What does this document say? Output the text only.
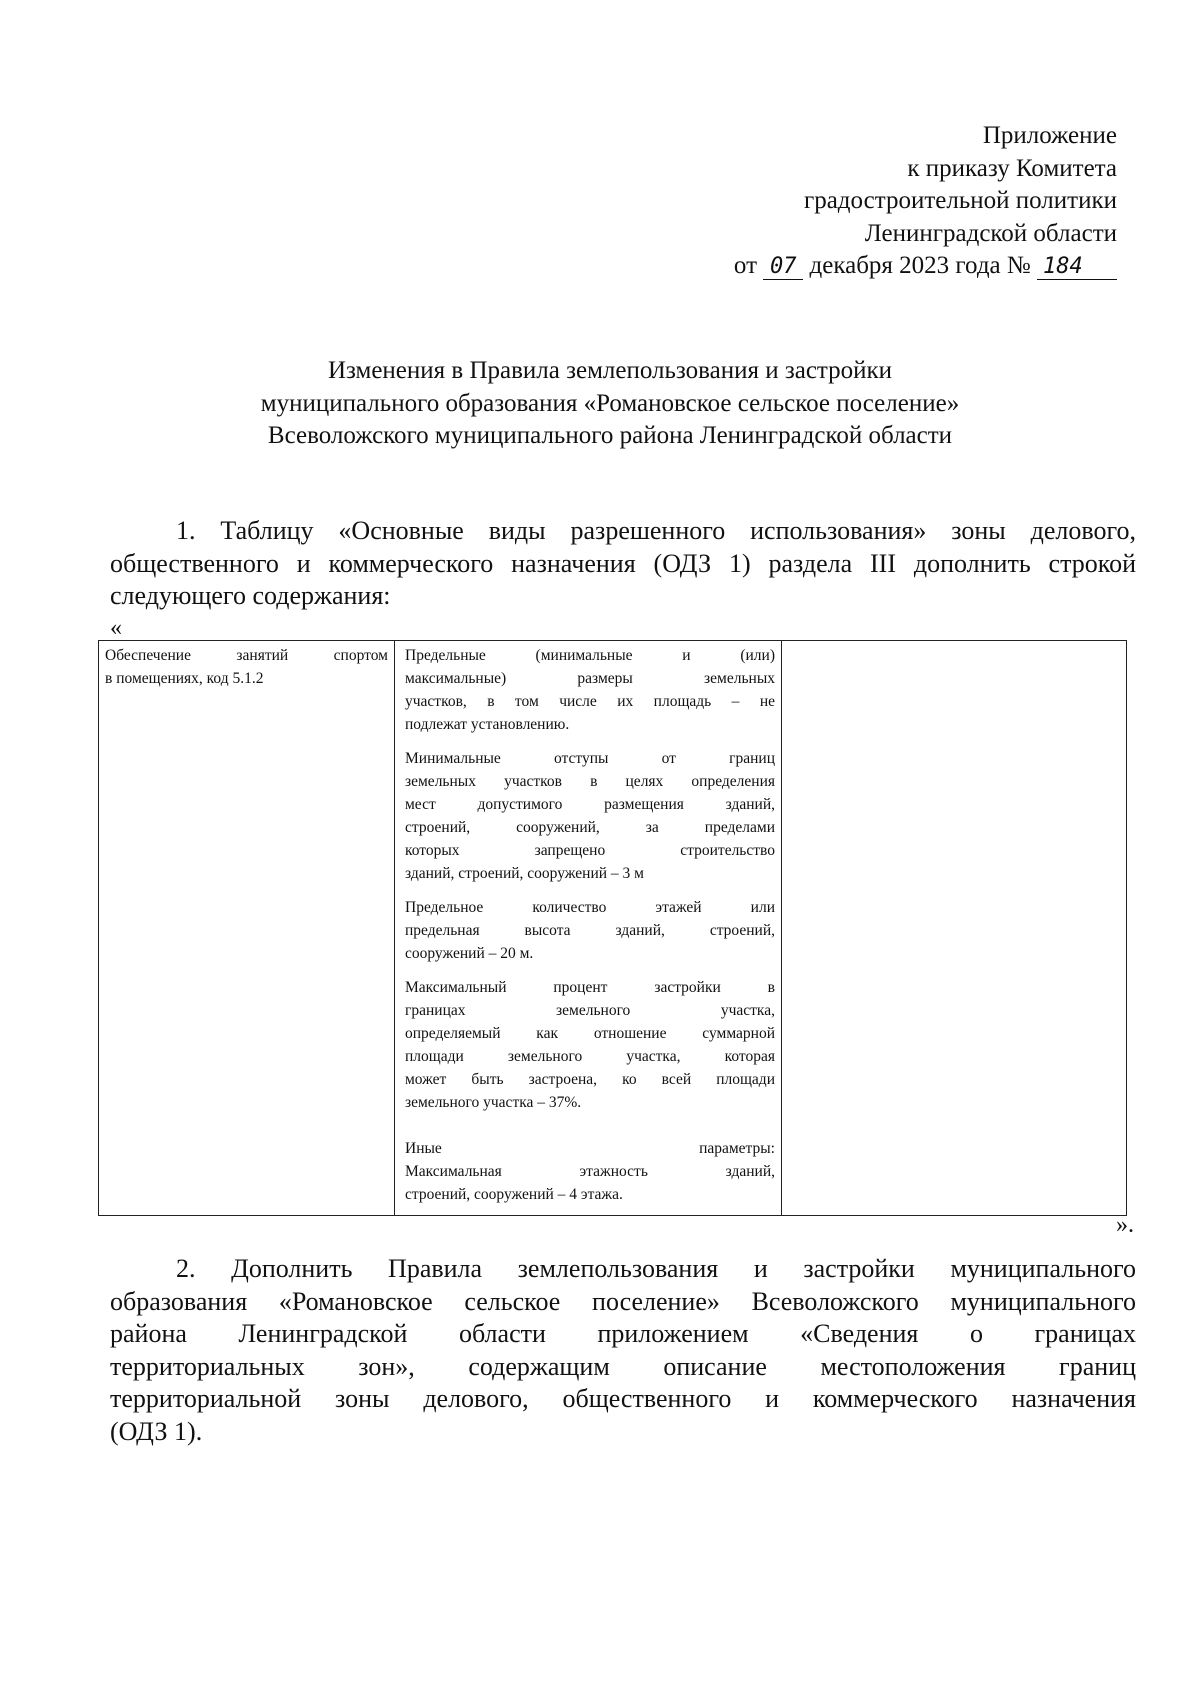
Приложение
к приказу Комитета
градостроительной политики
Ленинградской области
от 07 декабря 2023 года № 184
Изменения в Правила землепользования и застройки
муниципального образования «Романовское сельское поселение»
Всеволожского муниципального района Ленинградской области
1. Таблицу «Основные виды разрешенного использования» зоны делового,
общественного и коммерческого назначения (ОДЗ 1) раздела III дополнить строкой
следующего содержания:
«
Обеспечение занятий спортом
в помещениях, код 5.1.2
Предельные (минимальные и (или)
максимальные) размеры земельных
участков, в том числе их площадь – не
подлежат установлению.
Минимальные отступы от границ
земельных участков в целях определения
мест допустимого размещения зданий,
строений, сооружений, за пределами
которых запрещено строительство
зданий, строений, сооружений – 3 м
Предельное количество этажей или
предельная высота зданий, строений,
сооружений – 20 м.
Максимальный процент застройки в
границах земельного участка,
определяемый как отношение суммарной
площади земельного участка, которая
может быть застроена, ко всей площади
земельного участка – 37%.
Иные параметры:
Максимальная этажность зданий,
строений, сооружений – 4 этажа.
».
2. Дополнить Правила землепользования и застройки муниципального
образования «Романовское сельское поселение» Всеволожского муниципального
района Ленинградской области приложением «Сведения о границах
территориальных зон», содержащим описание местоположения границ
территориальной зоны делового, общественного и коммерческого назначения
(ОДЗ 1).
